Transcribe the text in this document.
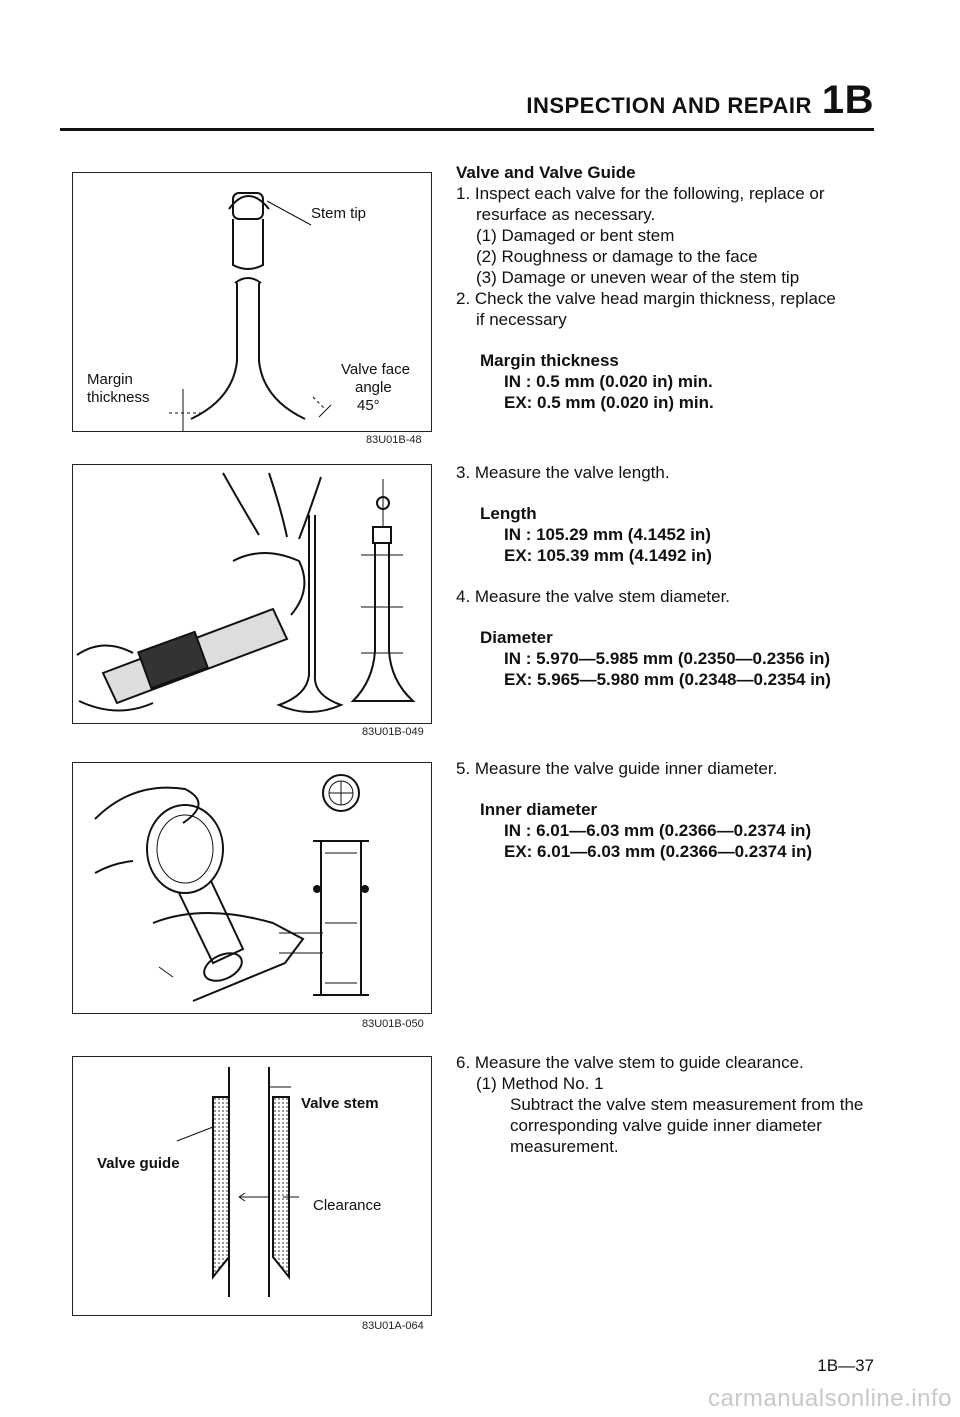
INSPECTION AND REPAIR 1B
Stem tip
Margin
thickness
Valve face
angle
45°
83U01B-48
83U01B-049
83U01B-050
Valve stem
Valve guide
Clearance
83U01A-064

Valve and Valve Guide

1. Inspect each valve for the following, replace or

resurface as necessary.

(1) Damaged or bent stem

(2) Roughness or damage to the face

(3) Damage or uneven wear of the stem tip

2. Check the valve head margin thickness, replace

if necessary

Margin thickness

IN : 0.5 mm (0.020 in) min.

EX: 0.5 mm (0.020 in) min.

3. Measure the valve length.

Length

IN : 105.29 mm (4.1452 in)

EX: 105.39 mm (4.1492 in)

4. Measure the valve stem diameter.

Diameter

IN : 5.970—5.985 mm (0.2350—0.2356 in)

EX: 5.965—5.980 mm (0.2348—0.2354 in)

5. Measure the valve guide inner diameter.

Inner diameter

IN : 6.01—6.03 mm (0.2366—0.2374 in)

EX: 6.01—6.03 mm (0.2366—0.2374 in)

6. Measure the valve stem to guide clearance.

(1) Method No. 1

Subtract the valve stem measurement from the

corresponding valve guide inner diameter

measurement.

1B—37
carmanualsonline.info
